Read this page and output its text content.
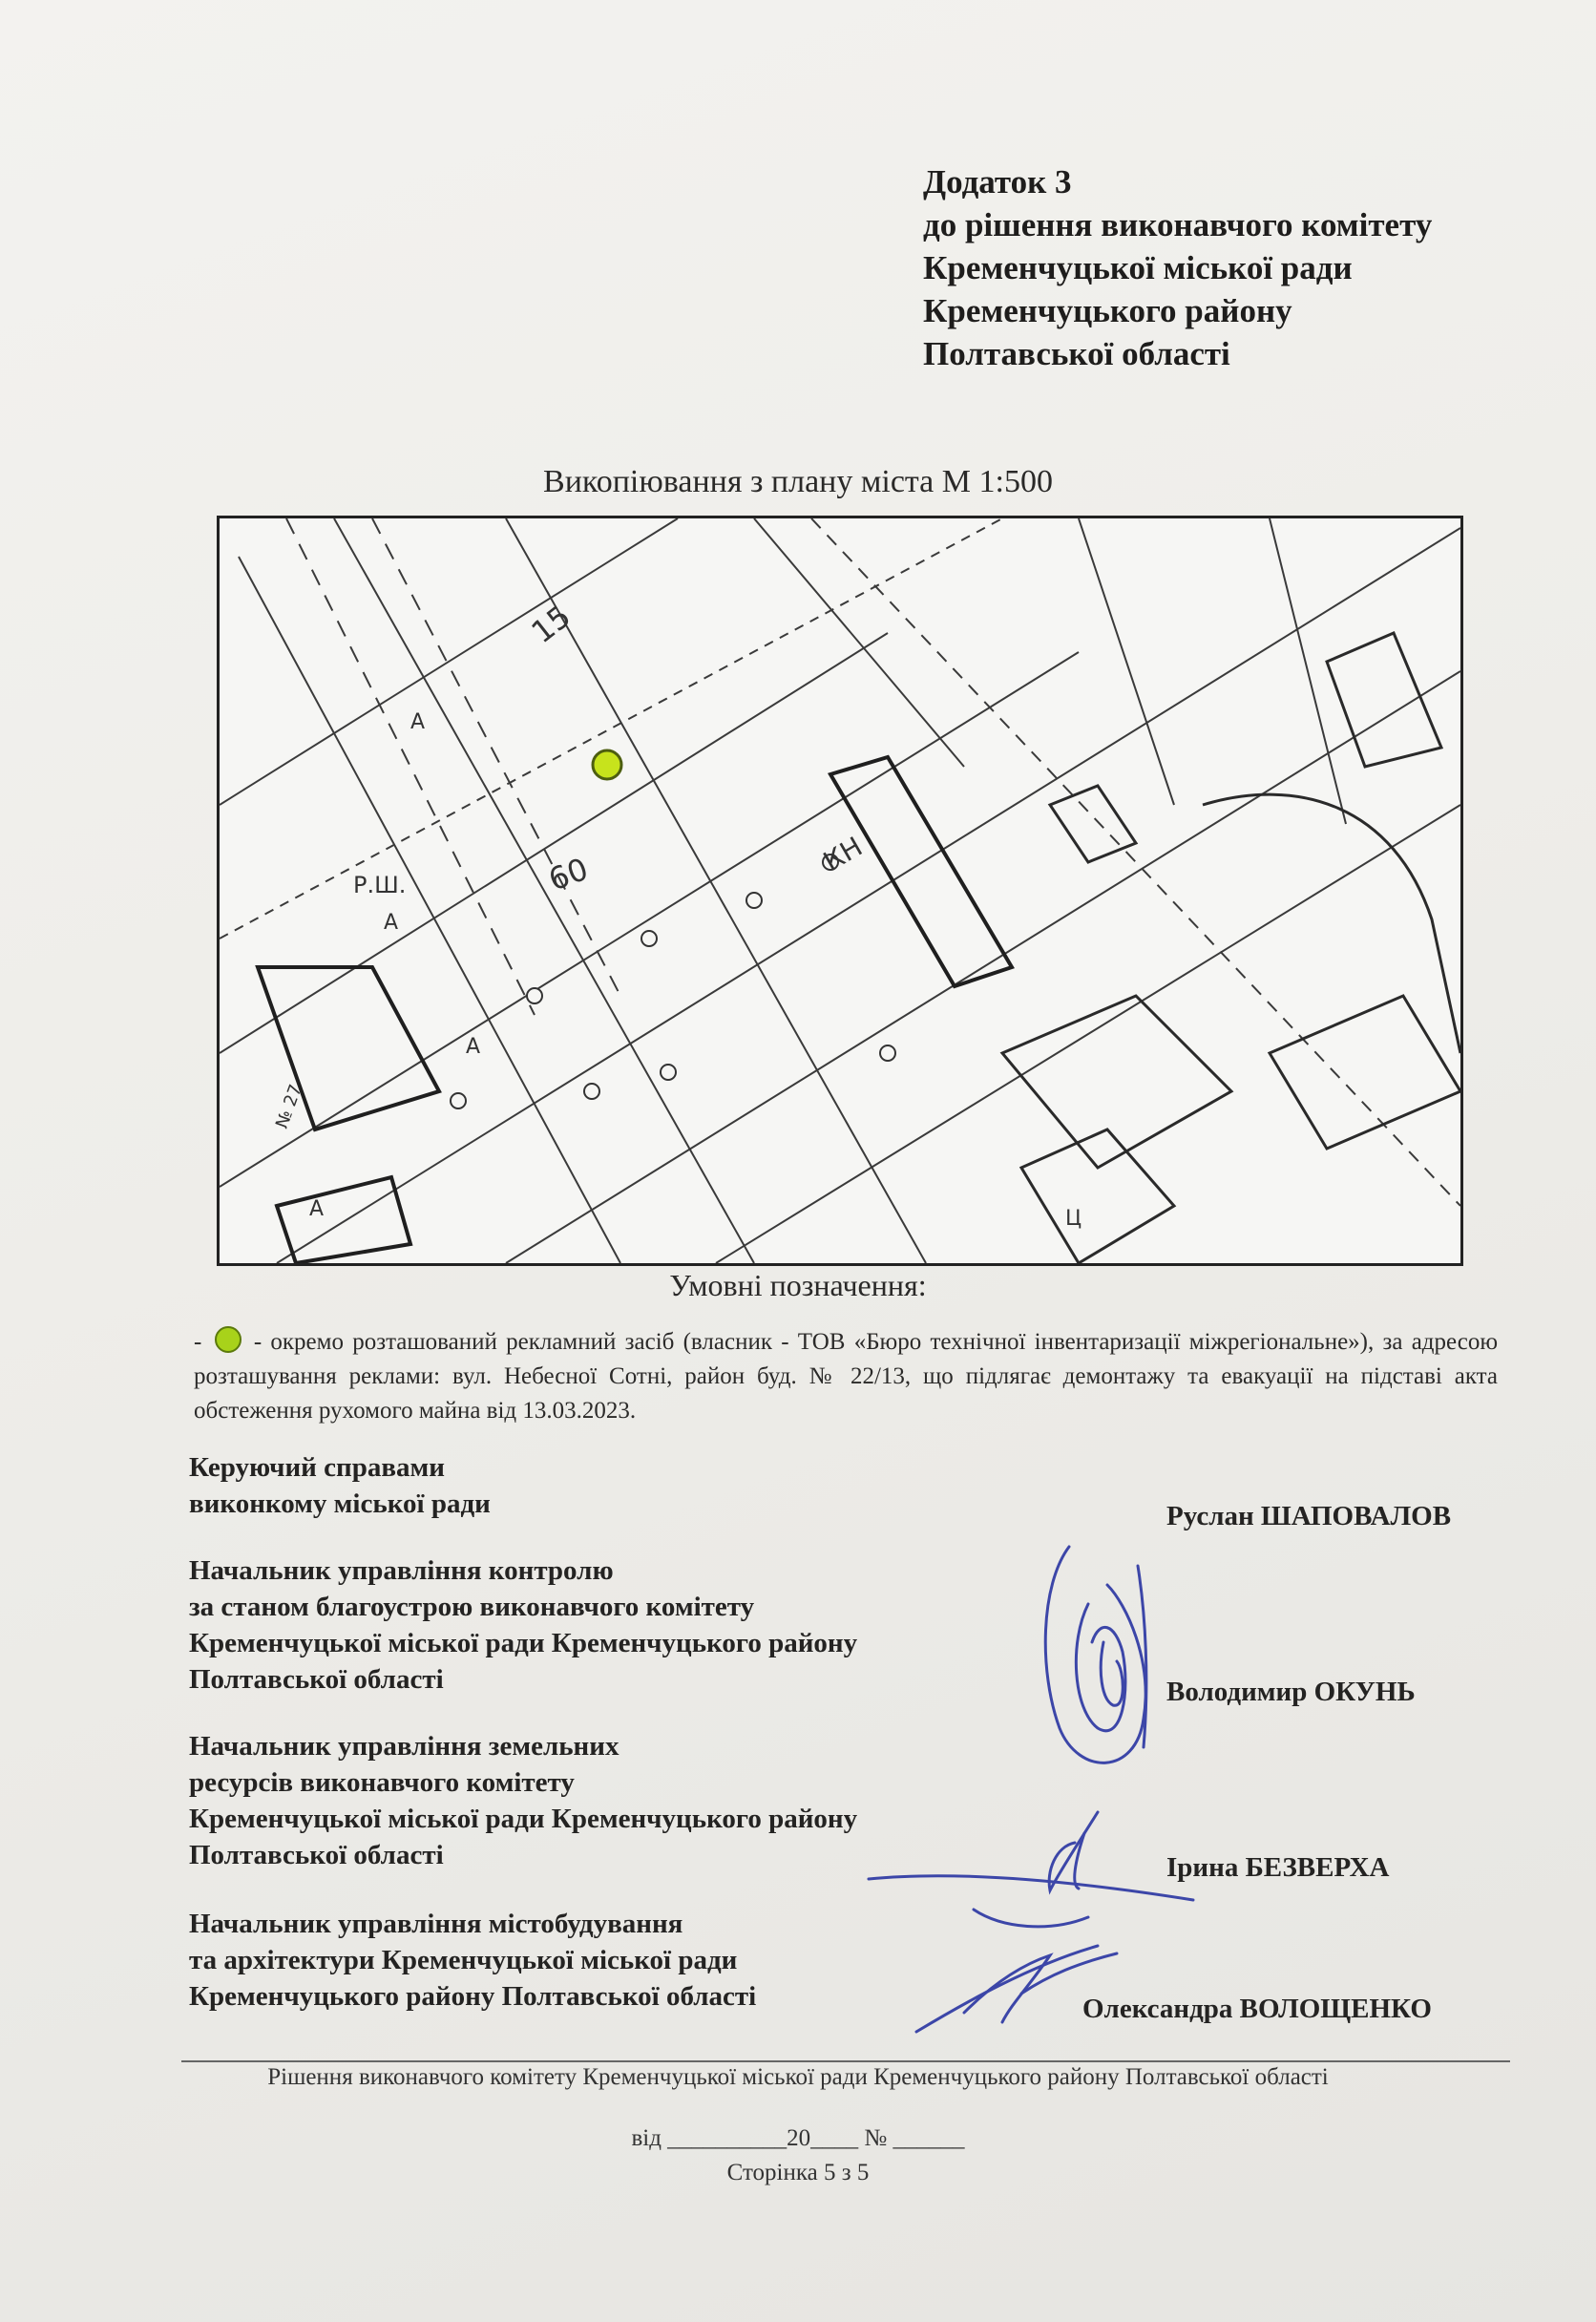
Додаток 3
до рішення виконавчого комітету
Кременчуцької міської ради
Кременчуцького району
Полтавської області
Викопіювання з плану міста М 1:500
15
60	КН
Р.Ш.
А
А
А
А
№ 27
Ц
Умовні позначення:
- - окремо розташований рекламний засіб (власник - ТОВ «Бюро технічної інвентаризації міжрегіональне»), за адресою розташування реклами: вул. Небесної Сотні, район буд. № 22/13, що підлягає демонтажу та евакуації на підставі акта обстеження рухомого майна від 13.03.2023.
Керуючий справами
виконкому міської ради	Руслан ШАПОВАЛОВ
Начальник управління контролю
за станом благоустрою виконавчого комітету
Кременчуцької міської ради Кременчуцького району
Полтавської області	Володимир ОКУНЬ
Начальник управління земельних
ресурсів виконавчого комітету
Кременчуцької міської ради Кременчуцького району
Полтавської області	Ірина БЕЗВЕРХА
Начальник управління містобудування
та архітектури Кременчуцької міської ради
Кременчуцького району Полтавської області	Олександра ВОЛОЩЕНКО
Рішення виконавчого комітету Кременчуцької міської ради Кременчуцького району Полтавської області
від __________20____ № ______
Сторінка 5 з 5
